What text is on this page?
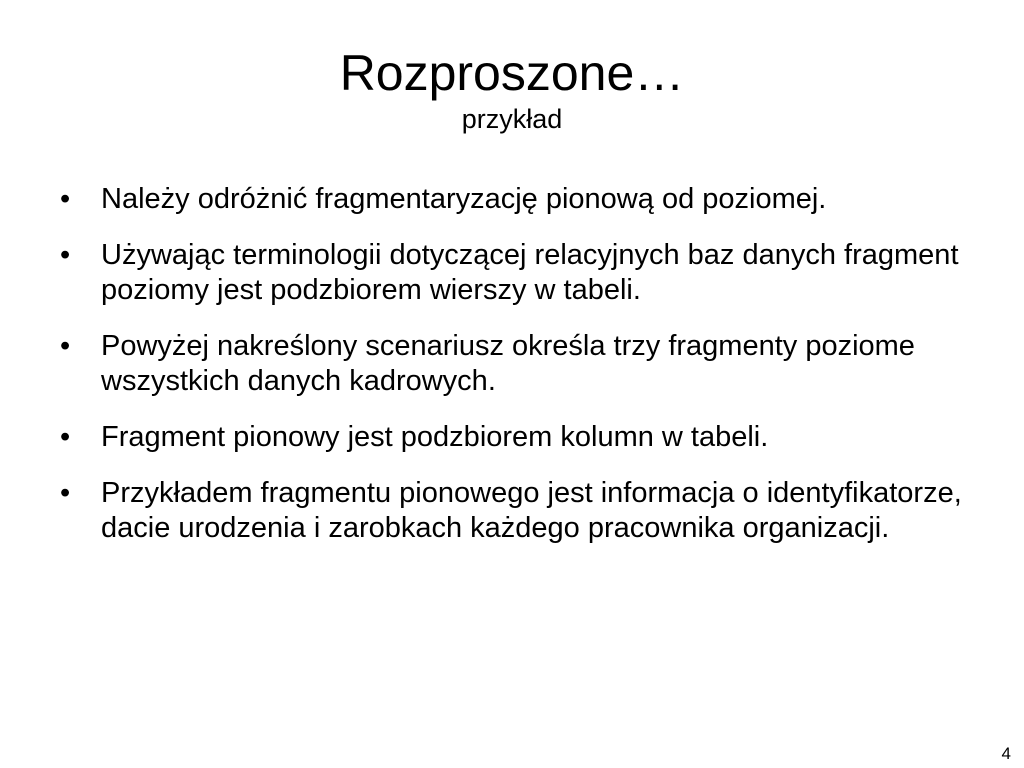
Rozproszone…
przykład
• Należy odróżnić fragmentaryzację pionową od poziomej.
• Używając terminologii dotyczącej relacyjnych baz danych fragment poziomy jest podzbiorem wierszy w tabeli.
• Powyżej nakreślony scenariusz określa trzy fragmenty poziome wszystkich danych kadrowych.
• Fragment pionowy jest podzbiorem kolumn w tabeli.
• Przykładem fragmentu pionowego jest informacja o identyfikatorze, dacie urodzenia i zarobkach każdego pracownika organizacji.
4
